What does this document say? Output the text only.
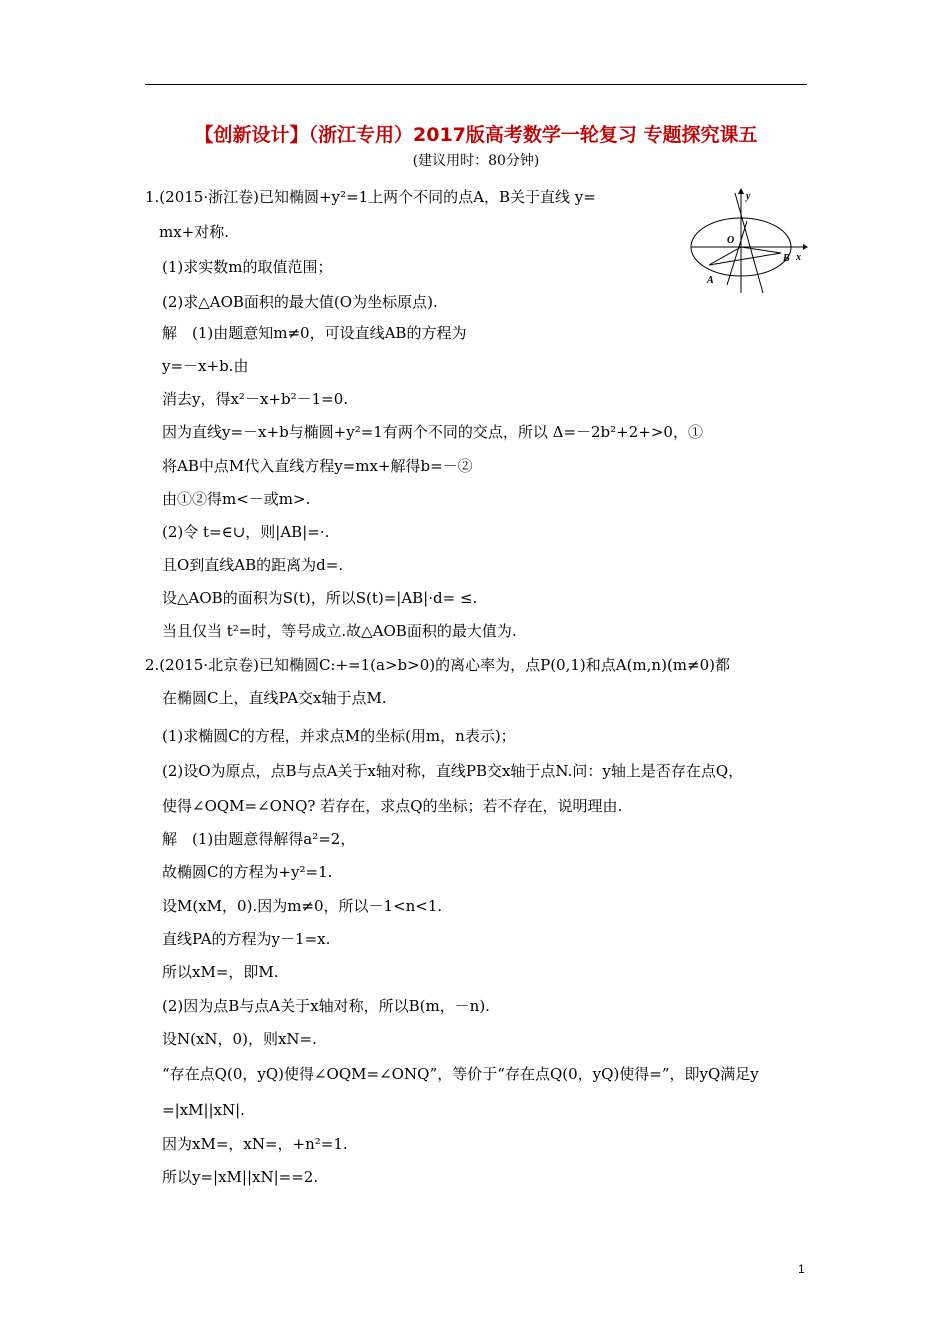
【创新设计】（浙江专用）2017版高考数学一轮复习 专题探究课五
(建议用时：80分钟)
1.(2015·浙江卷)已知椭圆+y²=1上两个不同的点A，B关于直线 y=
mx+对称.
(1)求实数m的取值范围；
(2)求△AOB面积的最大值(O为坐标原点).
解　(1)由题意知m≠0，可设直线AB的方程为
y=－x+b.由
消去y，得x²－x+b²－1=0.
因为直线y=－x+b与椭圆+y²=1有两个不同的交点，所以 Δ=－2b²+2+>0，①
将AB中点M代入直线方程y=mx+解得b=－②
由①②得m<－或m>.
(2)令 t=∈∪，则|AB|=·.
且O到直线AB的距离为d=.
设△AOB的面积为S(t)，所以S(t)=|AB|·d= ≤.
当且仅当 t²=时，等号成立.故△AOB面积的最大值为.
2.(2015·北京卷)已知椭圆C:+=1(a>b>0)的离心率为，点P(0,1)和点A(m,n)(m≠0)都
在椭圆C上，直线PA交x轴于点M.
(1)求椭圆C的方程，并求点M的坐标(用m，n表示)；
(2)设O为原点，点B与点A关于x轴对称，直线PB交x轴于点N.问：y轴上是否存在点Q，
使得∠OQM=∠ONQ? 若存在，求点Q的坐标；若不存在，说明理由.
解　(1)由题意得解得a²=2，
故椭圆C的方程为+y²=1.
设M(xM，0).因为m≠0，所以－1<n<1.
直线PA的方程为y－1=x.
所以xM=，即M.
(2)因为点B与点A关于x轴对称，所以B(m，－n).
设N(xN，0)，则xN=.
“存在点Q(0，yQ)使得∠OQM=∠ONQ”，等价于“存在点Q(0，yQ)使得=”，即yQ满足y
=|xM||xN|.
因为xM=，xN=，+n²=1.
所以y=|xM||xN|==2.
y
x
O
B
A
1
